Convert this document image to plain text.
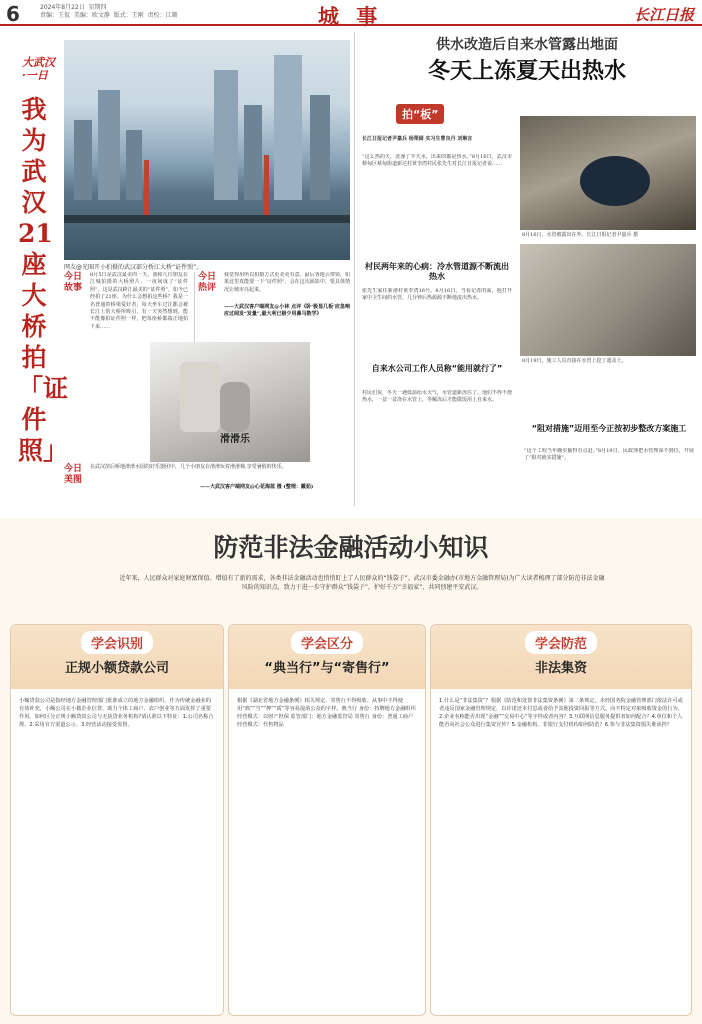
6	2024年8月22日  星期四
责编：王侃  美编：欧文静  版式：王刚  责校：江珊	城 事	长江日报
大武汉·一日
我为武汉21座大桥拍「证件照」
网友@光圈开小拍摄的武汉部分桥江大桥“证件照”。
今日故事
8月5日是武汉最美的一天，我和几位朋友在江城拍摄的大桥照片，一夜间成了“证件照”。这是武汉跨江最美的“证件照”，如今已经拍了21座。为什么会想拍这些桥？我是一名普通的桥梁爱好者，每天坐车过江都会被长江上的大桥所吸引，有一天突然想到，能不能像拍证件照一样，把每座桥都端正地拍下来……
今日热评
我觉得用所以拍摄方式更美更有意。最后各地云带领，如果这里真能要一下“证件照”，会在这次面影中，要具体情况让城市亮起来。
——大武汉客户端网友@小林 点评《卧‘极显几板’应急响应过阅发“发量”,最大利已极少用鼻马数学》
滑滑乐
今日美图
在武汉滨后桥地滑滑水园的好乐器团中，几个小朋友在滑滑玩着滑滑梯,享受暑假的快乐。
——大武汉客户端网友@心花海蓝 摄 (整理：戴茹)
供水改造后自来水管露出地面
冬天上冻夏天出热水
拍“板”
长江日报记者尹嘉兵 杨榮綺 实习生曹良丹 刘琳言
“这么热的天，洗澡了半天水，出来的都是热水。”8月16日，武汉市蔡甸区蔡甸街道新达村黄李湾村民张先生对长江日报记者说……
8月16日，水管被露出在外。长江日报记者尹嘉兵 摄
8月19日，施工人员直接在水管上挖了遮盖土。
村民两年来的心病：冷水管道源不断流出热水
张先生家住新港村黄李湾16号。8月16日，当看记者的面，他打开家中卫生间的水管，几分钟后热源源不断地流出热水。
自来水公司工作人员称“能用就行了”
村民们说，冬天一遇低温给水天气，水管道新冻住了。他们不得不烧热水，一盆一盆浇在水管上，等解冻后才能做饭用上自来水。
“阻对措施”迈用至今正按初步整改方案施工
“这个工程当年确实偷得有点赶。”8月19日，民政理把水管理深不到位，开展了“阻对就实措施”。
防范非法金融活动小知识
近年来，人民群众对家庭财富保值、增值有了新的需求，各类非法金融活动也悄悄盯上了人民群众的“钱袋子”。武汉市委金融办(市地方金融管理局)为广大读者梳理了部分防范非法金融风险的知识点，致力于进一步守护群众“钱袋子”，护好千万“幸福家”，共同创建平安武汉。
学会识别
正规小额贷款公司
小额贷款公司是指经地方金融管理部门批准成立的地方金融组织，作为传统金融业的有效补充，小额公司在小微企业信贷、助力个体工商户、农户创业等方面发挥了重要作用。如何区分正规小额贷款公司与无执贷业务机构?请认准以下特征：1.公司名称合规。2.采用官方渠道公示。3.经营活动接受监督。
学会区分
“典当行”与“寄售行”
根据《湖北省地方金融条例》相关规定，寄售行不得吸收、从事中不得使用“典”“当”“押”“质”等容易混淆公众的字样。典当行 身份：持牌地方金融组织 经营模式：以财产担保 监管部门：地方金融监管局 寄售行 身份：普通工商户 经营模式：代售物品
学会防范
非法集资
1.什么是“非法集资”？根据《防范和处置非法集资条例》第二条规定，未经国务院金融管理部门依法许可或者违反国家金融管理规定，以许诺还本付息或者给予其他投资回报等方式，向不特定对象吸收资金的行为。2.企业名称能否出现“金融”“交易中心”等字样或者内容？3.互联网信息服务提供者如何配合？4.单位和个人能否向社会公众进行集资宣传？5.金融机构、非银行支付机构如何防范？6.参与非法集资损失谁承担？
